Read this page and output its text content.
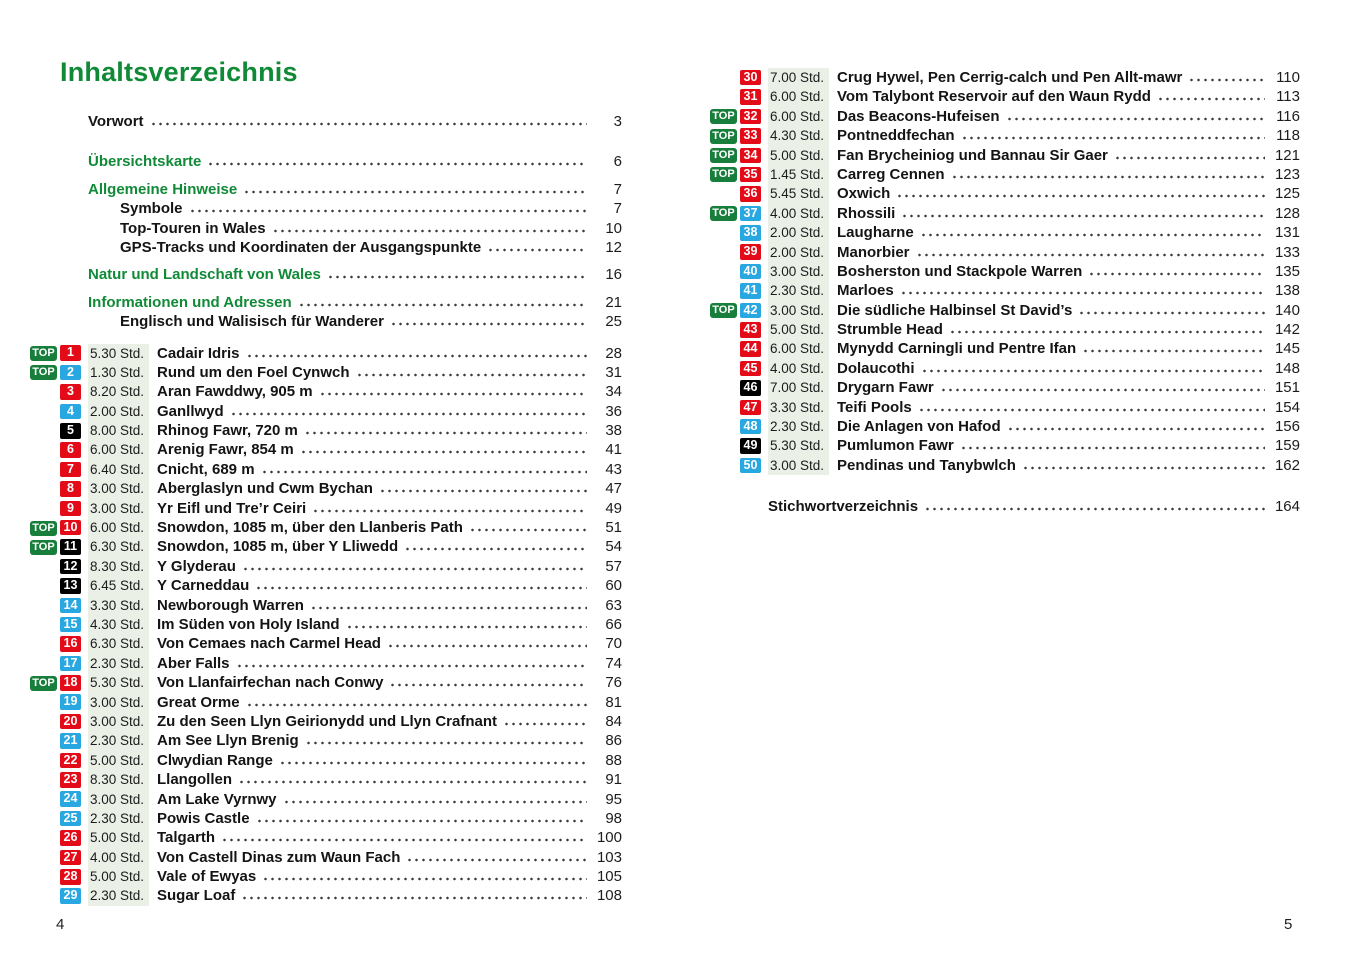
Inhaltsverzeichnis
Vorwort	3
Übersichtskarte	6
Allgemeine Hinweise	7
Symbole	7
Top-Touren in Wales	10
GPS-Tracks und Koordinaten der Ausgangspunkte	12
Natur und Landschaft von Wales	16
Informationen und Adressen	21
Englisch und Walisisch für Wanderer	25
TOP 1	5.30 Std. Cadair Idris	28
TOP 2	1.30 Std. Rund um den Foel Cynwch	31
3	8.20 Std. Aran Fawddwy, 905 m	34
4	2.00 Std. Ganllwyd	36
5	8.00 Std. Rhinog Fawr, 720 m	38
6	6.00 Std. Arenig Fawr, 854 m	41
7	6.40 Std. Cnicht, 689 m	43
8	3.00 Std. Aberglaslyn und Cwm Bychan	47
9	3.00 Std. Yr Eifl und Tre’r Ceiri	49
TOP 10 6.00 Std. Snowdon, 1085 m, über den Llanberis Path	51
TOP 11 6.30 Std. Snowdon, 1085 m, über Y Lliwedd	54
12 8.30 Std. Y Glyderau	57
13 6.45 Std. Y Carneddau	60
14 3.30 Std. Newborough Warren	63
15 4.30 Std. Im Süden von Holy Island	66
16 6.30 Std. Von Cemaes nach Carmel Head	70
17 2.30 Std. Aber Falls	74
TOP 18 5.30 Std. Von Llanfairfechan nach Conwy	76
19 3.00 Std. Great Orme	81
20 3.00 Std. Zu den Seen Llyn Geirionydd und Llyn Crafnant	84
21 2.30 Std. Am See Llyn Brenig	86
22 5.00 Std. Clwydian Range	88
23 8.30 Std. Llangollen	91
24 3.00 Std. Am Lake Vyrnwy	95
25 2.30 Std. Powis Castle	98
26 5.00 Std. Talgarth	100
27 4.00 Std. Von Castell Dinas zum Waun Fach	103
28 5.00 Std. Vale of Ewyas	105
29 2.30 Std. Sugar Loaf	108
30 7.00 Std. Crug Hywel, Pen Cerrig-calch und Pen Allt-mawr	110
31 6.00 Std. Vom Talybont Reservoir auf den Waun Rydd	113
TOP 32 6.00 Std. Das Beacons-Hufeisen	116
TOP 33 4.30 Std. Pontneddfechan	118
TOP 34 5.00 Std. Fan Brycheiniog und Bannau Sir Gaer	121
TOP 35 1.45 Std. Carreg Cennen	123
36 5.45 Std. Oxwich	125
TOP 37 4.00 Std. Rhossili	128
38 2.00 Std. Laugharne	131
39 2.00 Std. Manorbier	133
40 3.00 Std. Bosherston und Stackpole Warren	135
41 2.30 Std. Marloes	138
TOP 42 3.00 Std. Die südliche Halbinsel St David’s	140
43 5.00 Std. Strumble Head	142
44 6.00 Std. Mynydd Carningli und Pentre Ifan	145
45 4.00 Std. Dolaucothi	148
46 7.00 Std. Drygarn Fawr	151
47 3.30 Std. Teifi Pools	154
48 2.30 Std. Die Anlagen von Hafod	156
49 5.30 Std. Pumlumon Fawr	159
50 3.00 Std. Pendinas und Tanybwlch	162
Stichwortverzeichnis	164
4	5
